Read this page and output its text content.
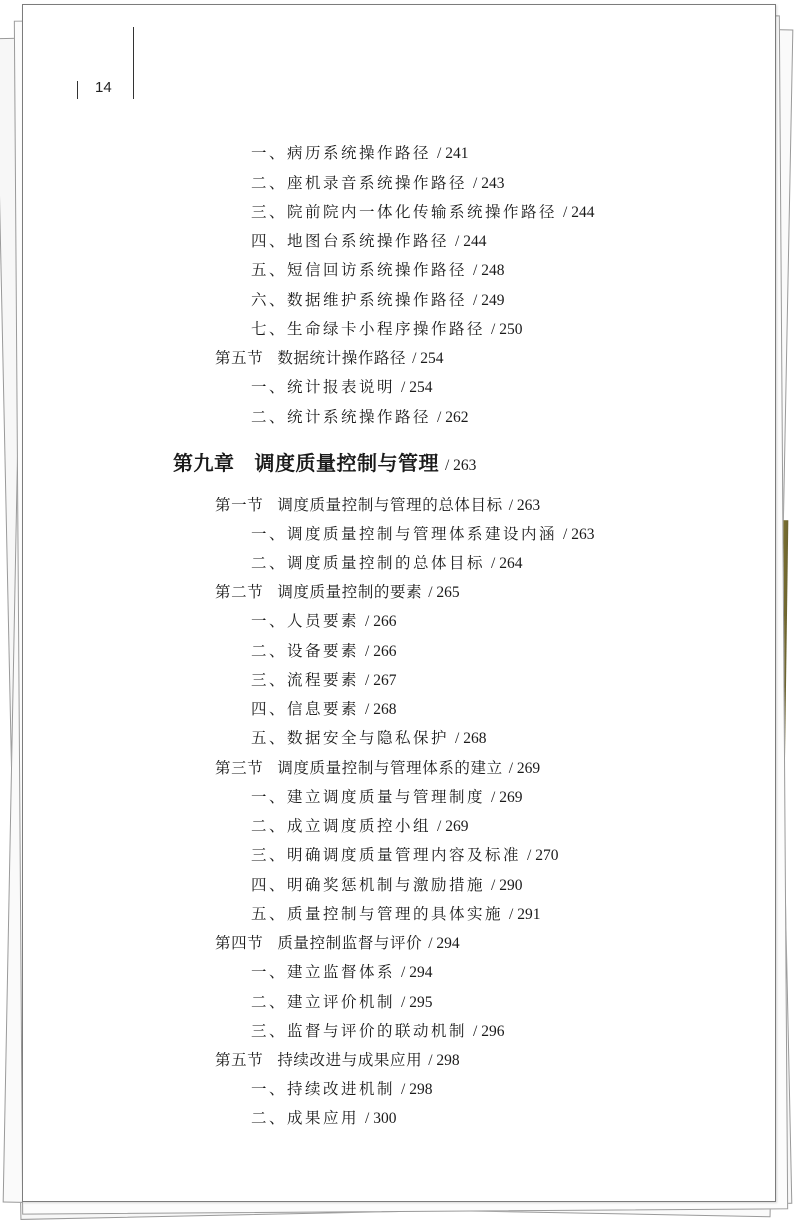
14
一、病历系统操作路径 / 241
二、座机录音系统操作路径 / 243
三、院前院内一体化传输系统操作路径 / 244
四、地图台系统操作路径 / 244
五、短信回访系统操作路径 / 248
六、数据维护系统操作路径 / 249
七、生命绿卡小程序操作路径 / 250
第五节 数据统计操作路径 / 254
一、统计报表说明 / 254
二、统计系统操作路径 / 262
第九章 调度质量控制与管理 / 263
第一节 调度质量控制与管理的总体目标 / 263
一、调度质量控制与管理体系建设内涵 / 263
二、调度质量控制的总体目标 / 264
第二节 调度质量控制的要素 / 265
一、人员要素 / 266
二、设备要素 / 266
三、流程要素 / 267
四、信息要素 / 268
五、数据安全与隐私保护 / 268
第三节 调度质量控制与管理体系的建立 / 269
一、建立调度质量与管理制度 / 269
二、成立调度质控小组 / 269
三、明确调度质量管理内容及标准 / 270
四、明确奖惩机制与激励措施 / 290
五、质量控制与管理的具体实施 / 291
第四节 质量控制监督与评价 / 294
一、建立监督体系 / 294
二、建立评价机制 / 295
三、监督与评价的联动机制 / 296
第五节 持续改进与成果应用 / 298
一、持续改进机制 / 298
二、成果应用 / 300
